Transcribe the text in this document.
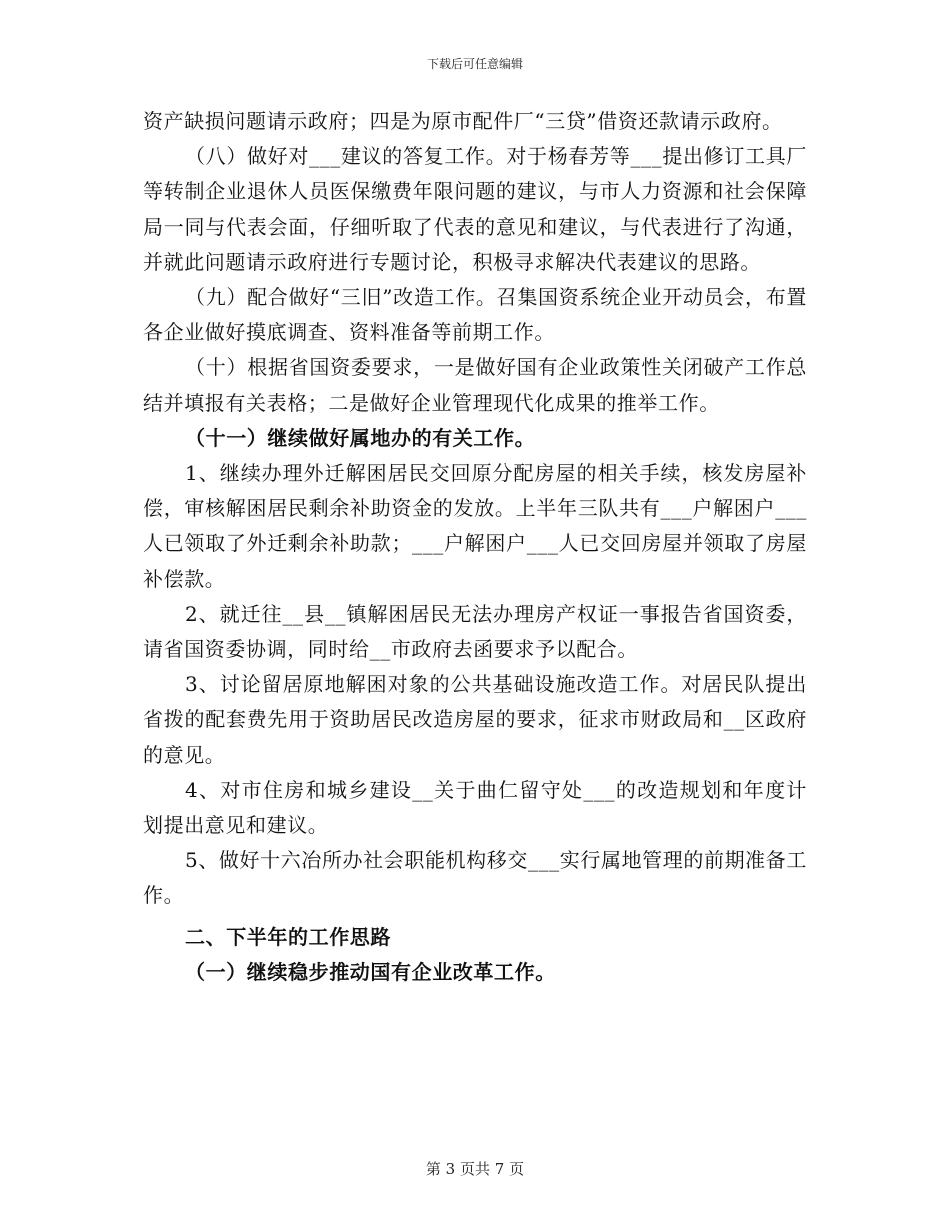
下载后可任意编辑

资产缺损问题请示政府；四是为原市配件厂“三贷”借资还款请示政府。

（八）做好对___建议的答复工作。对于杨春芳等___提出修订工具厂等转制企业退休人员医保缴费年限问题的建议，与市人力资源和社会保障局一同与代表会面，仔细听取了代表的意见和建议，与代表进行了沟通，并就此问题请示政府进行专题讨论，积极寻求解决代表建议的思路。

（九）配合做好“三旧”改造工作。召集国资系统企业开动员会，布置各企业做好摸底调查、资料准备等前期工作。

（十）根据省国资委要求，一是做好国有企业政策性关闭破产工作总结并填报有关表格；二是做好企业管理现代化成果的推举工作。

（十一）继续做好属地办的有关工作。

1、继续办理外迁解困居民交回原分配房屋的相关手续，核发房屋补偿，审核解困居民剩余补助资金的发放。上半年三队共有___户解困户___人已领取了外迁剩余补助款；___户解困户___人已交回房屋并领取了房屋补偿款。

2、就迁往__县__镇解困居民无法办理房产权证一事报告省国资委，请省国资委协调，同时给__市政府去函要求予以配合。

3、讨论留居原地解困对象的公共基础设施改造工作。对居民队提出省拨的配套费先用于资助居民改造房屋的要求，征求市财政局和__区政府的意见。

4、对市住房和城乡建设__关于曲仁留守处___的改造规划和年度计划提出意见和建议。

5、做好十六冶所办社会职能机构移交___实行属地管理的前期准备工作。

二、下半年的工作思路

（一）继续稳步推动国有企业改革工作。

第 3 页共 7 页
